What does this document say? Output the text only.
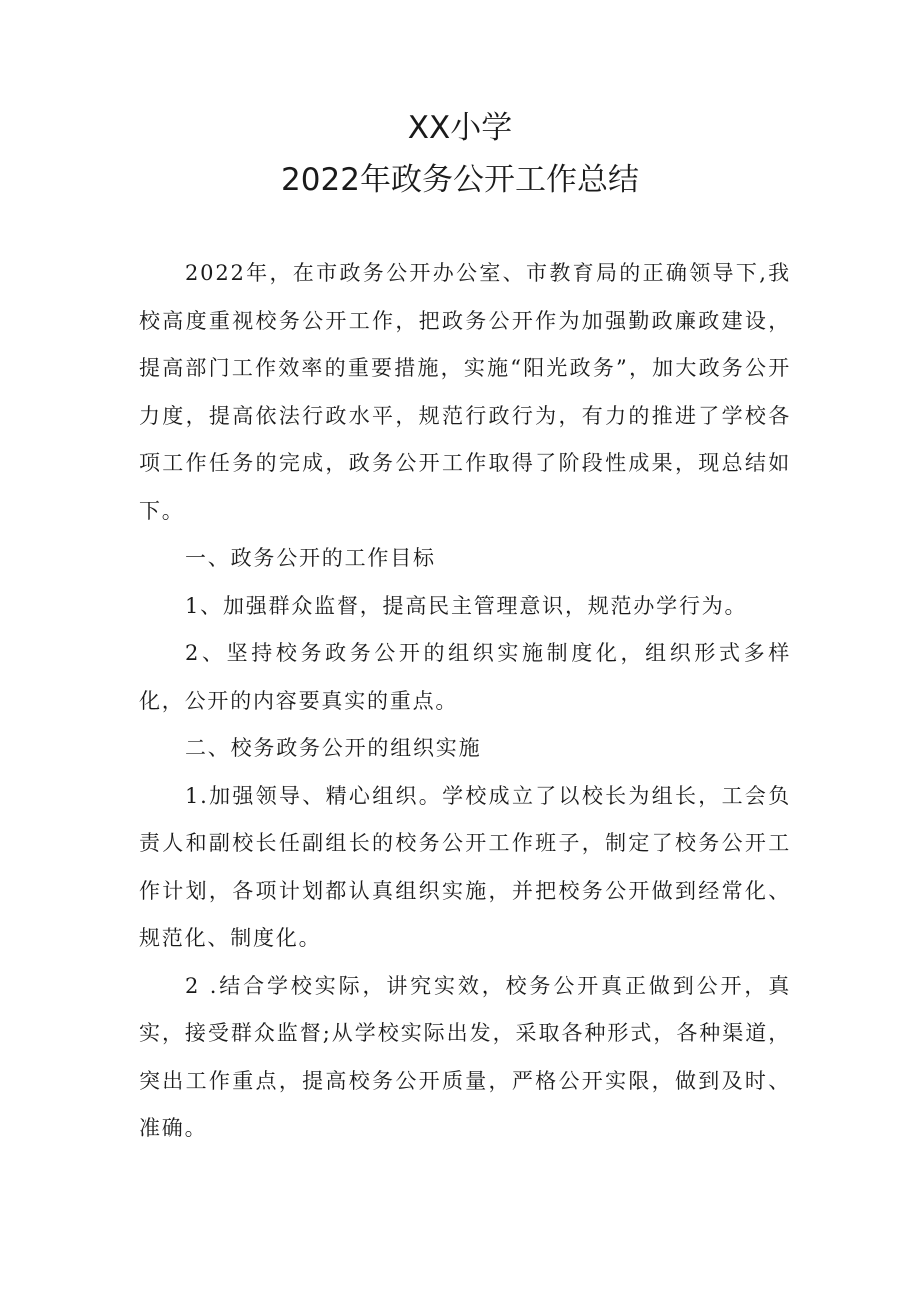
XX小学
2022年政务公开工作总结

2022年，在市政务公开办公室、市教育局的正确领导下,我校高度重视校务公开工作，把政务公开作为加强勤政廉政建设，提高部门工作效率的重要措施，实施“阳光政务”，加大政务公开力度，提高依法行政水平，规范行政行为，有力的推进了学校各项工作任务的完成，政务公开工作取得了阶段性成果，现总结如下。

一、政务公开的工作目标

1、加强群众监督，提高民主管理意识，规范办学行为。

2、坚持校务政务公开的组织实施制度化，组织形式多样化，公开的内容要真实的重点。

二、校务政务公开的组织实施

1.加强领导、精心组织。学校成立了以校长为组长，工会负责人和副校长任副组长的校务公开工作班子，制定了校务公开工作计划，各项计划都认真组织实施，并把校务公开做到经常化、规范化、制度化。

2 .结合学校实际，讲究实效，校务公开真正做到公开，真实，接受群众监督;从学校实际出发，采取各种形式，各种渠道，突出工作重点，提高校务公开质量，严格公开实限，做到及时、准确。
